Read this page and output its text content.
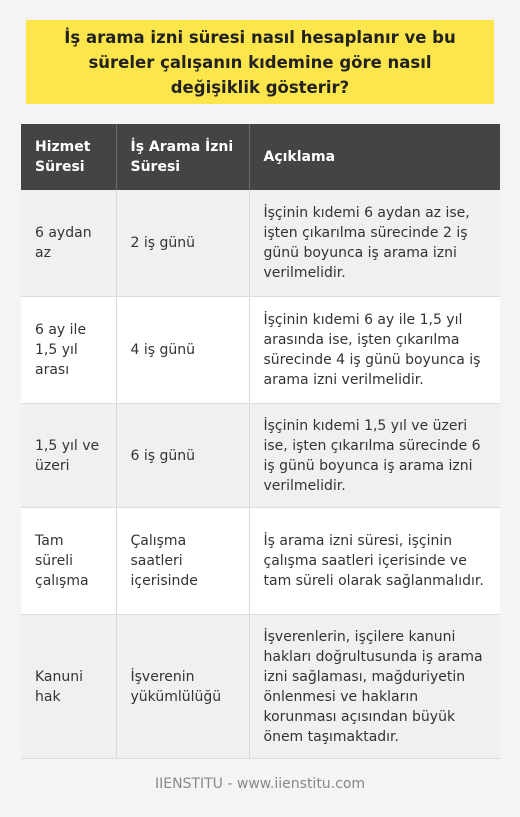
İş arama izni süresi nasıl hesaplanır ve bu süreler çalışanın kıdemine göre nasıl değişiklik gösterir?
Hizmet Süresi	İş Arama İzni Süresi	Açıklama
6 aydan az	2 iş günü	İşçinin kıdemi 6 aydan az ise, işten çıkarılma sürecinde 2 iş günü boyunca iş arama izni verilmelidir.
6 ay ile 1,5 yıl arası	4 iş günü	İşçinin kıdemi 6 ay ile 1,5 yıl arasında ise, işten çıkarılma sürecinde 4 iş günü boyunca iş arama izni verilmelidir.
1,5 yıl ve üzeri	6 iş günü	İşçinin kıdemi 1,5 yıl ve üzeri ise, işten çıkarılma sürecinde 6 iş günü boyunca iş arama izni verilmelidir.
Tam süreli çalışma	Çalışma saatleri içerisinde	İş arama izni süresi, işçinin çalışma saatleri içerisinde ve tam süreli olarak sağlanmalıdır.
Kanuni hak	İşverenin yükümlülüğü	İşverenlerin, işçilere kanuni hakları doğrultusunda iş arama izni sağlaması, mağduriyetin önlenmesi ve hakların korunması açısından büyük önem taşımaktadır.
IIENSTITU - www.iienstitu.com
